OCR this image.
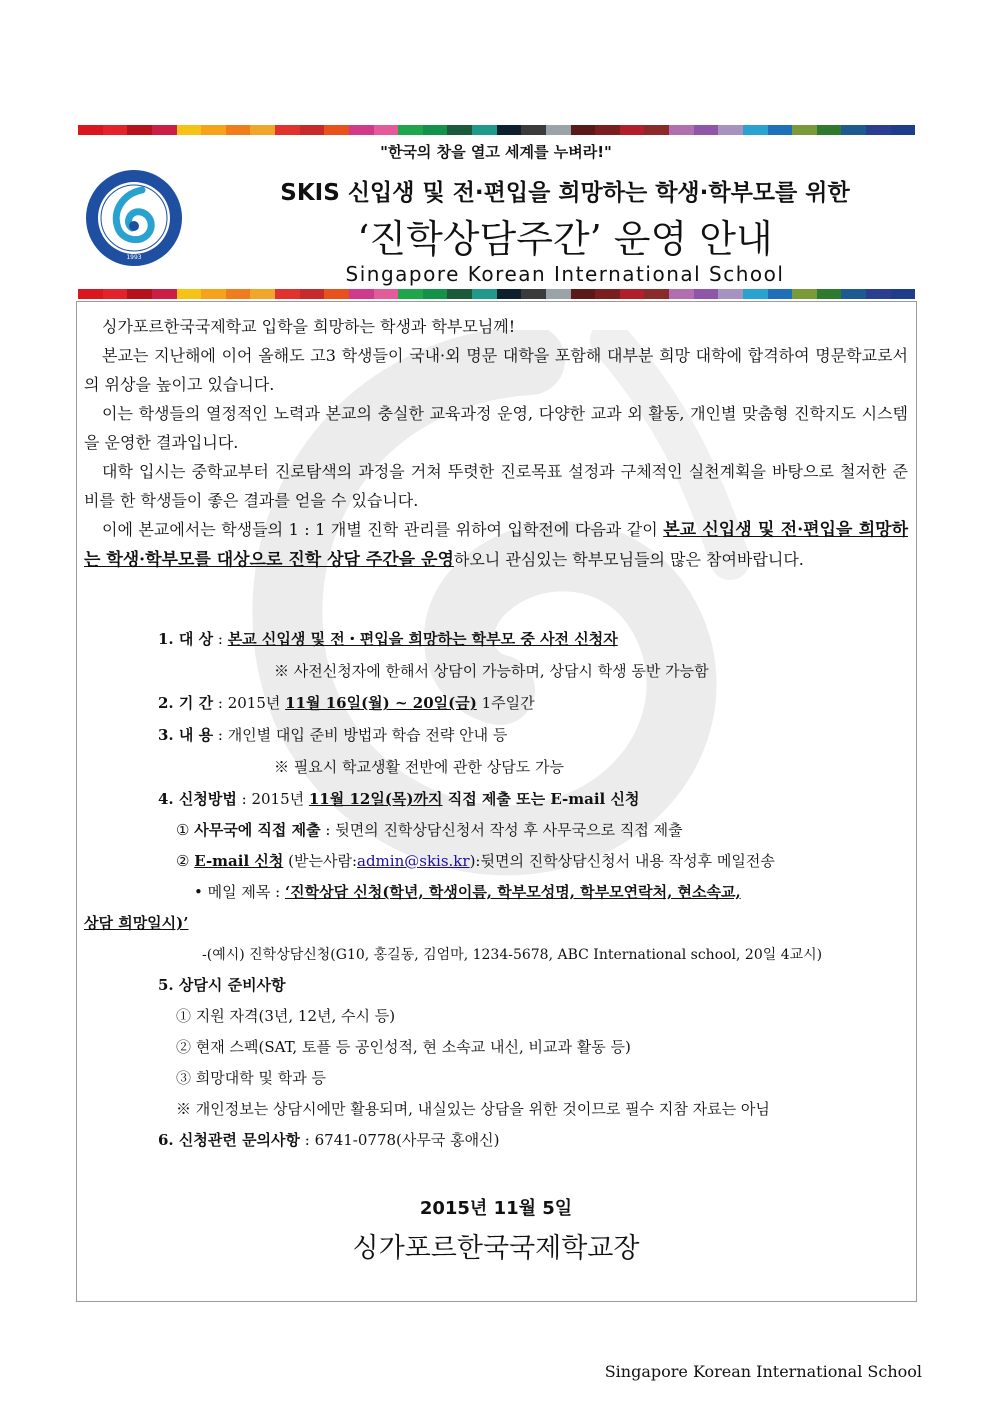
"한국의 창을 열고 세계를 누벼라!"
1993
SKIS 신입생 및 전·편입을 희망하는 학생·학부모를 위한
‘진학상담주간’ 운영 안내
Singapore Korean International School

싱가포르한국국제학교 입학을 희망하는 학생과 학부모님께!

본교는 지난해에 이어 올해도 고3 학생들이 국내·외 명문 대학을 포함해 대부분 희망 대학에 합격하여 명문학교로서의 위상을 높이고 있습니다.

이는 학생들의 열정적인 노력과 본교의 충실한 교육과정 운영, 다양한 교과 외 활동, 개인별 맞춤형 진학지도 시스템을 운영한 결과입니다.

대학 입시는 중학교부터 진로탐색의 과정을 거쳐 뚜렷한 진로목표 설정과 구체적인 실천계획을 바탕으로 철저한 준비를 한 학생들이 좋은 결과를 얻을 수 있습니다.

이에 본교에서는 학생들의 1 : 1 개별 진학 관리를 위하여 입학전에 다음과 같이 본교 신입생 및 전·편입을 희망하는 학생·학부모를 대상으로 진학 상담 주간을 운영하오니 관심있는 학부모님들의 많은 참여바랍니다.

1. 대 상 : 본교 신입생 및 전・편입을 희망하는 학부모 중 사전 신청자
※ 사전신청자에 한해서 상담이 가능하며, 상담시 학생 동반 가능함
2. 기 간 : 2015년 11월 16일(월) ~ 20일(금) 1주일간
3. 내 용 : 개인별 대입 준비 방법과 학습 전략 안내 등
※ 필요시 학교생활 전반에 관한 상담도 가능
4. 신청방법 : 2015년 11월 12일(목)까지 직접 제출 또는 E-mail 신청
① 사무국에 직접 제출 : 뒷면의 진학상담신청서 작성 후 사무국으로 직접 제출
② E-mail 신청 (받는사람:admin@skis.kr):뒷면의 진학상담신청서 내용 작성후 메일전송
• 메일 제목 : ‘진학상담 신청(학년, 학생이름, 학부모성명, 학부모연락처, 현소속교,
상담 희망일시)’
-(예시) 진학상담신청(G10, 홍길동, 김엄마, 1234-5678, ABC International school, 20일 4교시)
5. 상담시 준비사항
① 지원 자격(3년, 12년, 수시 등)
② 현재 스펙(SAT, 토플 등 공인성적, 현 소속교 내신, 비교과 활동 등)
③ 희망대학 및 학과 등
※ 개인정보는 상담시에만 활용되며, 내실있는 상담을 위한 것이므로 필수 지참 자료는 아님
6. 신청관련 문의사항 : 6741-0778(사무국 홍애신)
2015년 11월 5일
싱가포르한국국제학교장
Singapore Korean International School
